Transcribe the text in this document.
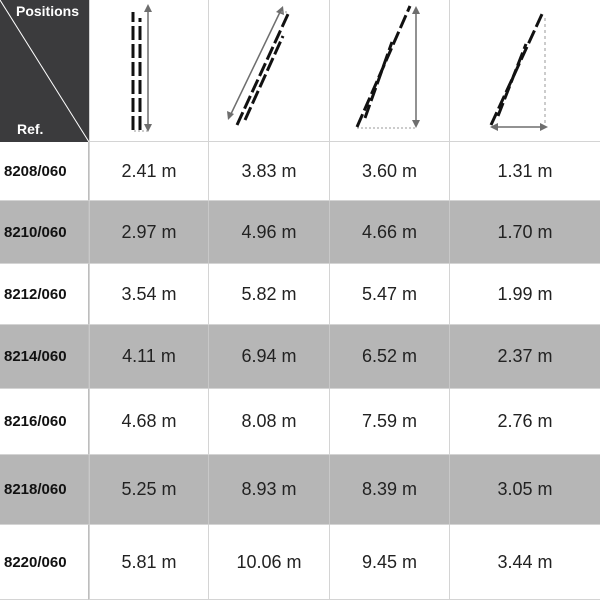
Positions
Ref.
8208/060	2.41 m	3.83 m	3.60 m	1.31 m
8210/060	2.97 m	4.96 m	4.66 m	1.70 m
8212/060	3.54 m	5.82 m	5.47 m	1.99 m
8214/060	4.11 m	6.94 m	6.52 m	2.37 m
8216/060	4.68 m	8.08 m	7.59 m	2.76 m
8218/060	5.25 m	8.93 m	8.39 m	3.05 m
8220/060	5.81 m	10.06 m	9.45 m	3.44 m
